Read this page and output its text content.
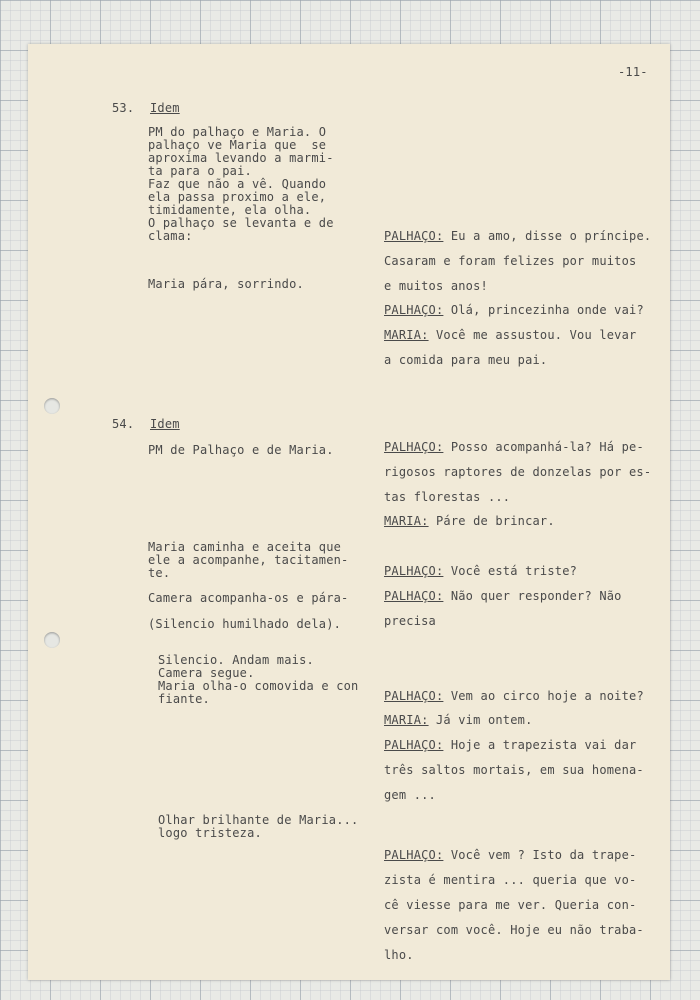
-11-
53. Idem
PM do palhaço e Maria. O
palhaço ve Maria que  se
aproxima levando a marmi-
ta para o pai.
Faz que não a vê. Quando
ela passa proximo a ele,
timidamente, ela olha.
O palhaço se levanta e de
clama:
Maria pára, sorrindo.
PALHAÇO: Eu a amo, disse o príncipe.
Casaram e foram felizes por muitos
e muitos anos!
PALHAÇO: Olá, princezinha onde vai?
MARIA: Você me assustou. Vou levar
a comida para meu pai.
54. Idem
PM de Palhaço e de Maria.
Maria caminha e aceita que
ele a acompanhe, tacitamen-
te.
Camera acompanha-os e pára-
(Silencio humilhado dela).
Silencio. Andam mais.
Camera segue.
Maria olha-o comovida e con
fiante.
Olhar brilhante de Maria...
logo tristeza.
PALHAÇO: Posso acompanhá-la? Há pe-
rigosos raptores de donzelas por es-
tas florestas ...
MARIA: Páre de brincar.
PALHAÇO: Você está triste?
PALHAÇO: Não quer responder? Não
precisa
PALHAÇO: Vem ao circo hoje a noite?
MARIA: Já vim ontem.
PALHAÇO: Hoje a trapezista vai dar
três saltos mortais, em sua homena-
gem ...
PALHAÇO: Você vem ? Isto da trape-
zista é mentira ... queria que vo-
cê viesse para me ver. Queria con-
versar com você. Hoje eu não traba-
lho.
